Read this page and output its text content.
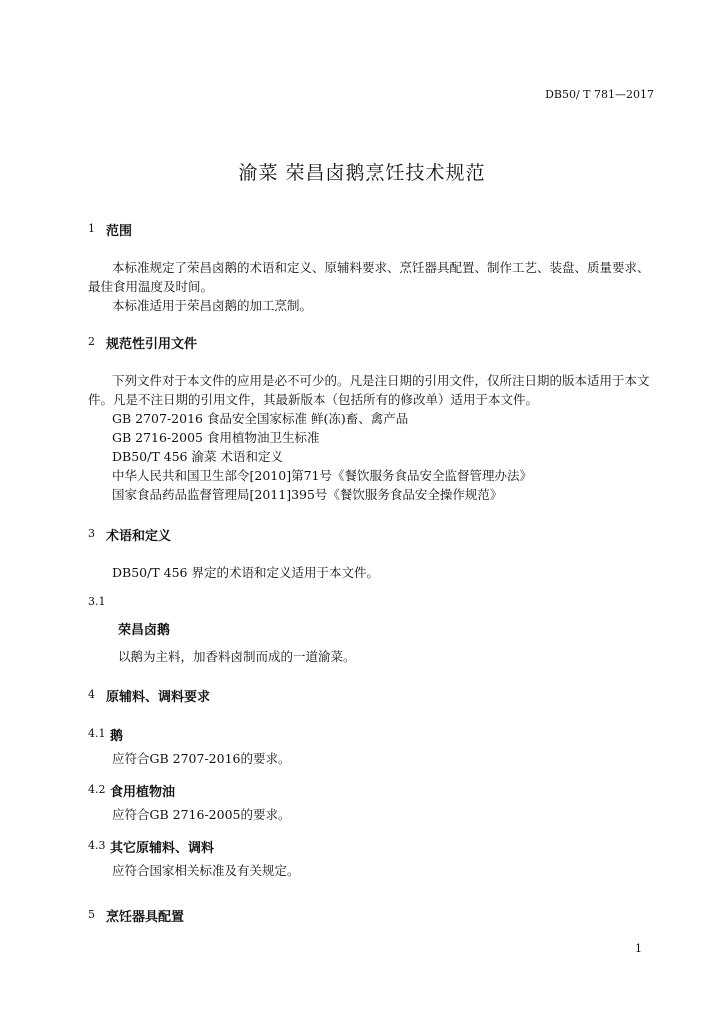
DB50/ T 781—2017
渝菜 荣昌卤鹅烹饪技术规范
1 范围
本标准规定了荣昌卤鹅的术语和定义、原辅料要求、烹饪器具配置、制作工艺、装盘、质量要求、
最佳食用温度及时间。
本标准适用于荣昌卤鹅的加工烹制。
2 规范性引用文件
下列文件对于本文件的应用是必不可少的。凡是注日期的引用文件，仅所注日期的版本适用于本文
件。凡是不注日期的引用文件，其最新版本（包括所有的修改单）适用于本文件。
GB 2707-2016 食品安全国家标准 鲜(冻)畜、禽产品
GB 2716-2005 食用植物油卫生标准
DB50/T 456 渝菜 术语和定义
中华人民共和国卫生部令[2010]第71号《餐饮服务食品安全监督管理办法》
国家食品药品监督管理局[2011]395号《餐饮服务食品安全操作规范》
3 术语和定义
DB50/T 456 界定的术语和定义适用于本文件。
3.1
荣昌卤鹅
以鹅为主料，加香料卤制而成的一道渝菜。
4 原辅料、调料要求
4.1 鹅
应符合GB 2707-2016的要求。
4.2 食用植物油
应符合GB 2716-2005的要求。
4.3 其它原辅料、调料
应符合国家相关标准及有关规定。
5 烹饪器具配置
1
